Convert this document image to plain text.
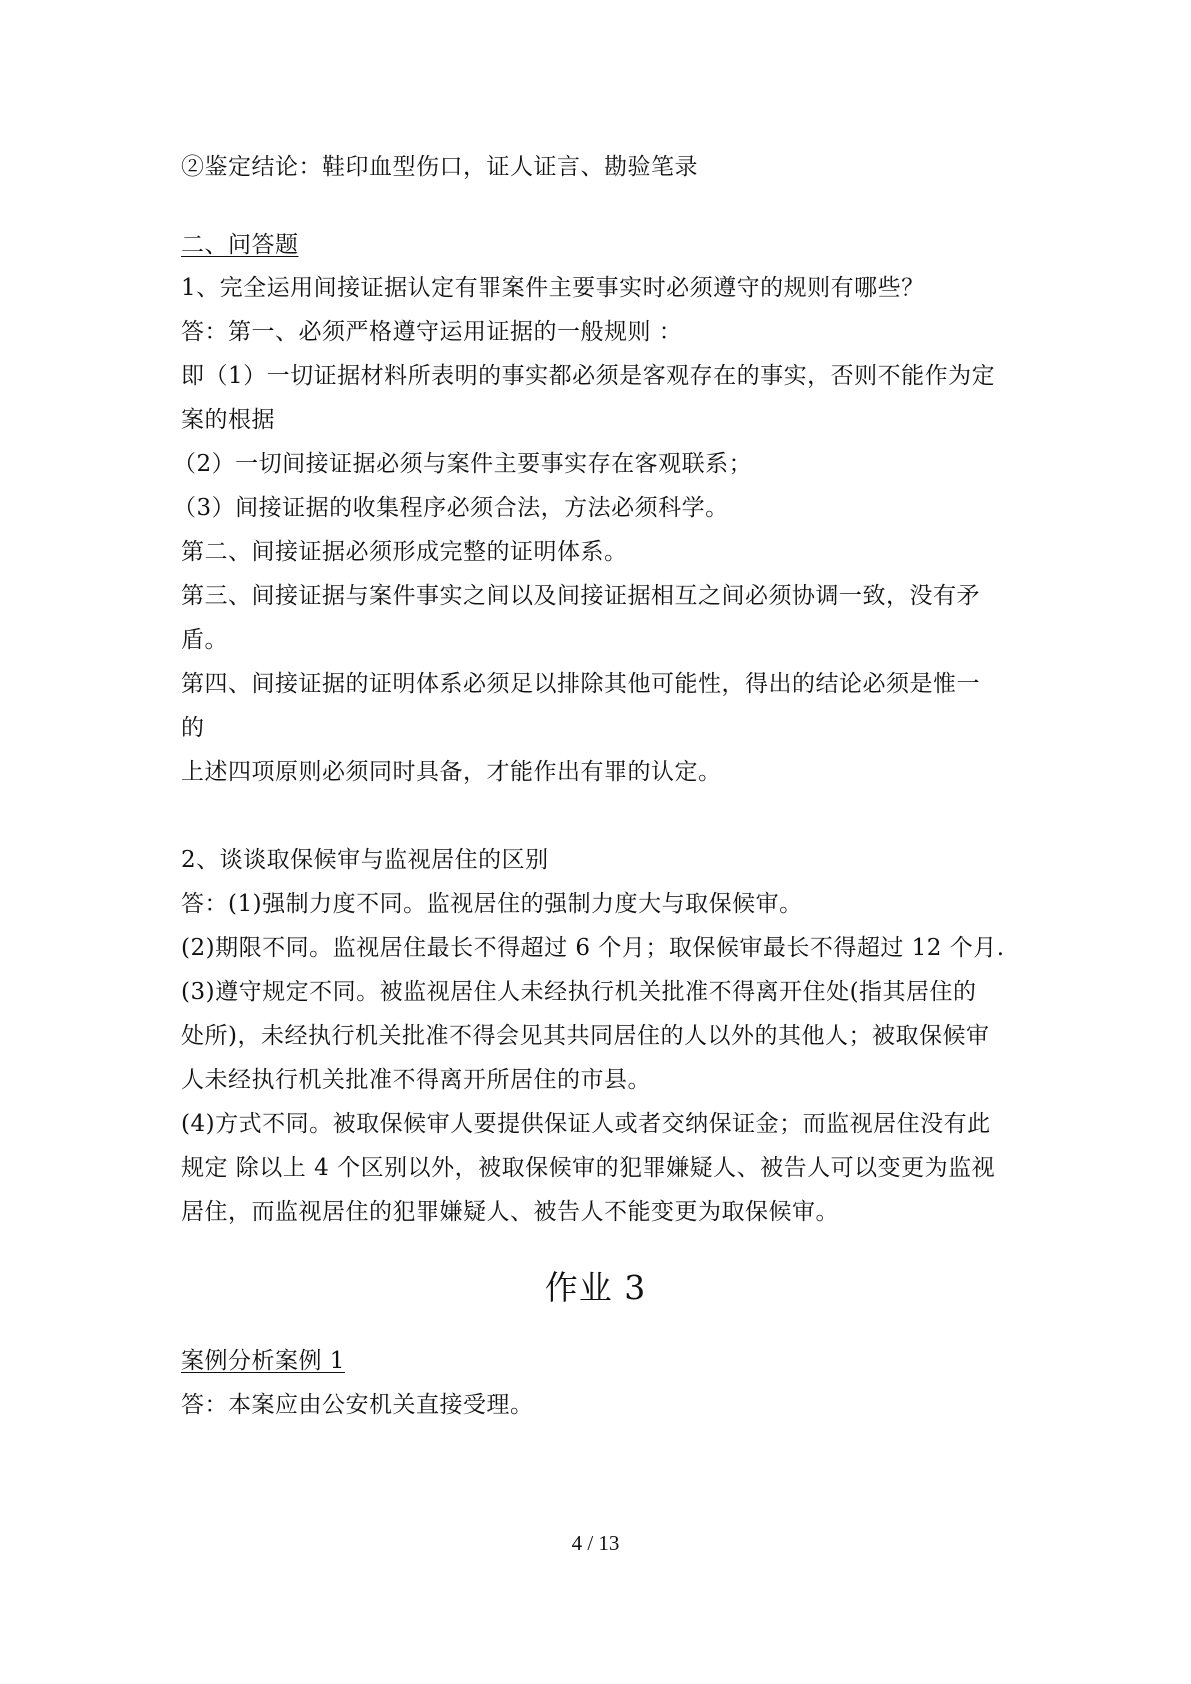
②鉴定结论：鞋印血型伤口，证人证言、勘验笔录
二、问答题
1、完全运用间接证据认定有罪案件主要事实时必须遵守的规则有哪些？
答：第一、必须严格遵守运用证据的一般规则 ：
即（1）一切证据材料所表明的事实都必须是客观存在的事实，否则不能作为定
案的根据
（2）一切间接证据必须与案件主要事实存在客观联系；
（3）间接证据的收集程序必须合法，方法必须科学。
第二、间接证据必须形成完整的证明体系。
第三、间接证据与案件事实之间以及间接证据相互之间必须协调一致，没有矛
盾。
第四、间接证据的证明体系必须足以排除其他可能性，得出的结论必须是惟一
的
上述四项原则必须同时具备，才能作出有罪的认定。
2、谈谈取保候审与监视居住的区别
答：(1)强制力度不同。监视居住的强制力度大与取保候审。
(2)期限不同。监视居住最长不得超过 6 个月；取保候审最长不得超过 12 个月.
(3)遵守规定不同。被监视居住人未经执行机关批准不得离开住处(指其居住的
处所)，未经执行机关批准不得会见其共同居住的人以外的其他人；被取保候审
人未经执行机关批准不得离开所居住的市县。
(4)方式不同。被取保候审人要提供保证人或者交纳保证金；而监视居住没有此
规定 除以上 4 个区别以外，被取保候审的犯罪嫌疑人、被告人可以变更为监视
居住，而监视居住的犯罪嫌疑人、被告人不能变更为取保候审。
作业 3
案例分析案例 1
答：本案应由公安机关直接受理。
4 / 13
